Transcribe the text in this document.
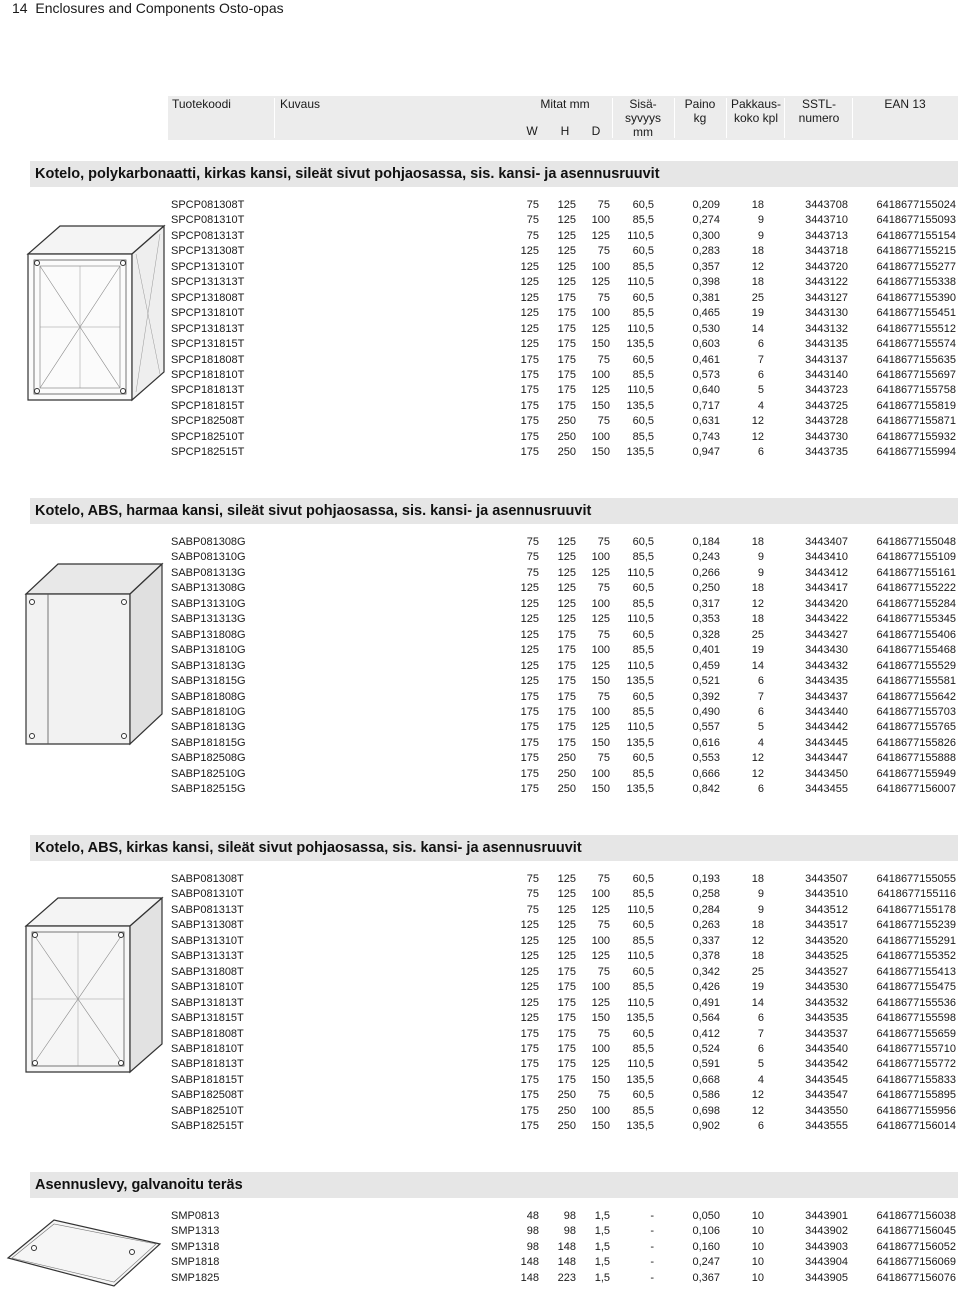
14 Enclosures and Components Osto-opas
Tuotekoodi	Kuvaus	Mitat mm
W	H	D
Sisä-
syvyys
mm
Paino
kg
Pakkaus-
koko kpl
SSTL-
numero
EAN 13
Kotelo, polykarbonaatti, kirkas kansi, sileät sivut pohjaosassa, sis. kansi- ja asennusruuvit
SPCP081308T	75	125	75	60,5	0,209	18	3443708	6418677155024
SPCP081310T	75	125	100	85,5	0,274	9	3443710	6418677155093
SPCP081313T	75	125	125	110,5	0,300	9	3443713	6418677155154
SPCP131308T	125	125	75	60,5	0,283	18	3443718	6418677155215
SPCP131310T	125	125	100	85,5	0,357	12	3443720	6418677155277
SPCP131313T	125	125	125	110,5	0,398	18	3443122	6418677155338
SPCP131808T	125	175	75	60,5	0,381	25	3443127	6418677155390
SPCP131810T	125	175	100	85,5	0,465	19	3443130	6418677155451
SPCP131813T	125	175	125	110,5	0,530	14	3443132	6418677155512
SPCP131815T	125	175	150	135,5	0,603	6	3443135	6418677155574
SPCP181808T	175	175	75	60,5	0,461	7	3443137	6418677155635
SPCP181810T	175	175	100	85,5	0,573	6	3443140	6418677155697
SPCP181813T	175	175	125	110,5	0,640	5	3443723	6418677155758
SPCP181815T	175	175	150	135,5	0,717	4	3443725	6418677155819
SPCP182508T	175	250	75	60,5	0,631	12	3443728	6418677155871
SPCP182510T	175	250	100	85,5	0,743	12	3443730	6418677155932
SPCP182515T	175	250	150	135,5	0,947	6	3443735	6418677155994
Kotelo, ABS, harmaa kansi, sileät sivut pohjaosassa, sis. kansi- ja asennusruuvit
SABP081308G	75	125	75	60,5	0,184	18	3443407	6418677155048
SABP081310G	75	125	100	85,5	0,243	9	3443410	6418677155109
SABP081313G	75	125	125	110,5	0,266	9	3443412	6418677155161
SABP131308G	125	125	75	60,5	0,250	18	3443417	6418677155222
SABP131310G	125	125	100	85,5	0,317	12	3443420	6418677155284
SABP131313G	125	125	125	110,5	0,353	18	3443422	6418677155345
SABP131808G	125	175	75	60,5	0,328	25	3443427	6418677155406
SABP131810G	125	175	100	85,5	0,401	19	3443430	6418677155468
SABP131813G	125	175	125	110,5	0,459	14	3443432	6418677155529
SABP131815G	125	175	150	135,5	0,521	6	3443435	6418677155581
SABP181808G	175	175	75	60,5	0,392	7	3443437	6418677155642
SABP181810G	175	175	100	85,5	0,490	6	3443440	6418677155703
SABP181813G	175	175	125	110,5	0,557	5	3443442	6418677155765
SABP181815G	175	175	150	135,5	0,616	4	3443445	6418677155826
SABP182508G	175	250	75	60,5	0,553	12	3443447	6418677155888
SABP182510G	175	250	100	85,5	0,666	12	3443450	6418677155949
SABP182515G	175	250	150	135,5	0,842	6	3443455	6418677156007
Kotelo, ABS, kirkas kansi, sileät sivut pohjaosassa, sis. kansi- ja asennusruuvit
SABP081308T	75	125	75	60,5	0,193	18	3443507	6418677155055
SABP081310T	75	125	100	85,5	0,258	9	3443510	6418677155116
SABP081313T	75	125	125	110,5	0,284	9	3443512	6418677155178
SABP131308T	125	125	75	60,5	0,263	18	3443517	6418677155239
SABP131310T	125	125	100	85,5	0,337	12	3443520	6418677155291
SABP131313T	125	125	125	110,5	0,378	18	3443525	6418677155352
SABP131808T	125	175	75	60,5	0,342	25	3443527	6418677155413
SABP131810T	125	175	100	85,5	0,426	19	3443530	6418677155475
SABP131813T	125	175	125	110,5	0,491	14	3443532	6418677155536
SABP131815T	125	175	150	135,5	0,564	6	3443535	6418677155598
SABP181808T	175	175	75	60,5	0,412	7	3443537	6418677155659
SABP181810T	175	175	100	85,5	0,524	6	3443540	6418677155710
SABP181813T	175	175	125	110,5	0,591	5	3443542	6418677155772
SABP181815T	175	175	150	135,5	0,668	4	3443545	6418677155833
SABP182508T	175	250	75	60,5	0,586	12	3443547	6418677155895
SABP182510T	175	250	100	85,5	0,698	12	3443550	6418677155956
SABP182515T	175	250	150	135,5	0,902	6	3443555	6418677156014
Asennuslevy, galvanoitu teräs
SMP0813	48	98	1,5	-	0,050	10	3443901	6418677156038
SMP1313	98	98	1,5	-	0,106	10	3443902	6418677156045
SMP1318	98	148	1,5	-	0,160	10	3443903	6418677156052
SMP1818	148	148	1,5	-	0,247	10	3443904	6418677156069
SMP1825	148	223	1,5	-	0,367	10	3443905	6418677156076
